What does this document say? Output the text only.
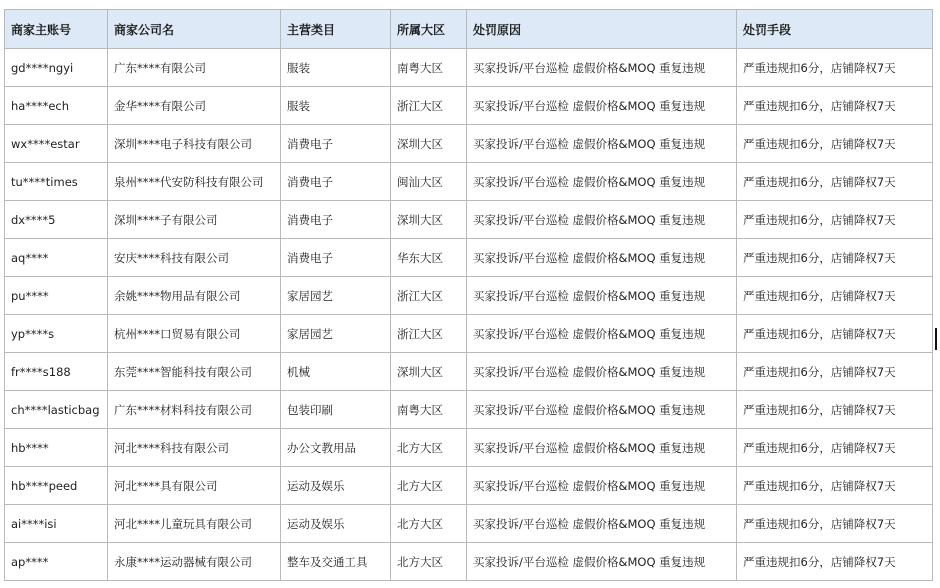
商家主账号	商家公司名	主营类目	所属大区	处罚原因	处罚手段
gd****ngyi	广东****有限公司	服装	南粤大区	买家投诉/平台巡检 虚假价格&MOQ 重复违规	严重违规扣6分，店铺降权7天
ha****ech	金华****有限公司	服装	浙江大区	买家投诉/平台巡检 虚假价格&MOQ 重复违规	严重违规扣6分，店铺降权7天
wx****estar	深圳****电子科技有限公司	消费电子	深圳大区	买家投诉/平台巡检 虚假价格&MOQ 重复违规	严重违规扣6分，店铺降权7天
tu****times	泉州****代安防科技有限公司	消费电子	闽汕大区	买家投诉/平台巡检 虚假价格&MOQ 重复违规	严重违规扣6分，店铺降权7天
dx****5	深圳****子有限公司	消费电子	深圳大区	买家投诉/平台巡检 虚假价格&MOQ 重复违规	严重违规扣6分，店铺降权7天
aq****	安庆****科技有限公司	消费电子	华东大区	买家投诉/平台巡检 虚假价格&MOQ 重复违规	严重违规扣6分，店铺降权7天
pu****	余姚****物用品有限公司	家居园艺	浙江大区	买家投诉/平台巡检 虚假价格&MOQ 重复违规	严重违规扣6分，店铺降权7天
yp****s	杭州****口贸易有限公司	家居园艺	浙江大区	买家投诉/平台巡检 虚假价格&MOQ 重复违规	严重违规扣6分，店铺降权7天
fr****s188	东莞****智能科技有限公司	机械	深圳大区	买家投诉/平台巡检 虚假价格&MOQ 重复违规	严重违规扣6分，店铺降权7天
ch****lasticbag	广东****材料科技有限公司	包装印刷	南粤大区	买家投诉/平台巡检 虚假价格&MOQ 重复违规	严重违规扣6分，店铺降权7天
hb****	河北****科技有限公司	办公文教用品	北方大区	买家投诉/平台巡检 虚假价格&MOQ 重复违规	严重违规扣6分，店铺降权7天
hb****peed	河北****具有限公司	运动及娱乐	北方大区	买家投诉/平台巡检 虚假价格&MOQ 重复违规	严重违规扣6分，店铺降权7天
ai****isi	河北****儿童玩具有限公司	运动及娱乐	北方大区	买家投诉/平台巡检 虚假价格&MOQ 重复违规	严重违规扣6分，店铺降权7天
ap****	永康****运动器械有限公司	整车及交通工具	北方大区	买家投诉/平台巡检 虚假价格&MOQ 重复违规	严重违规扣6分，店铺降权7天
